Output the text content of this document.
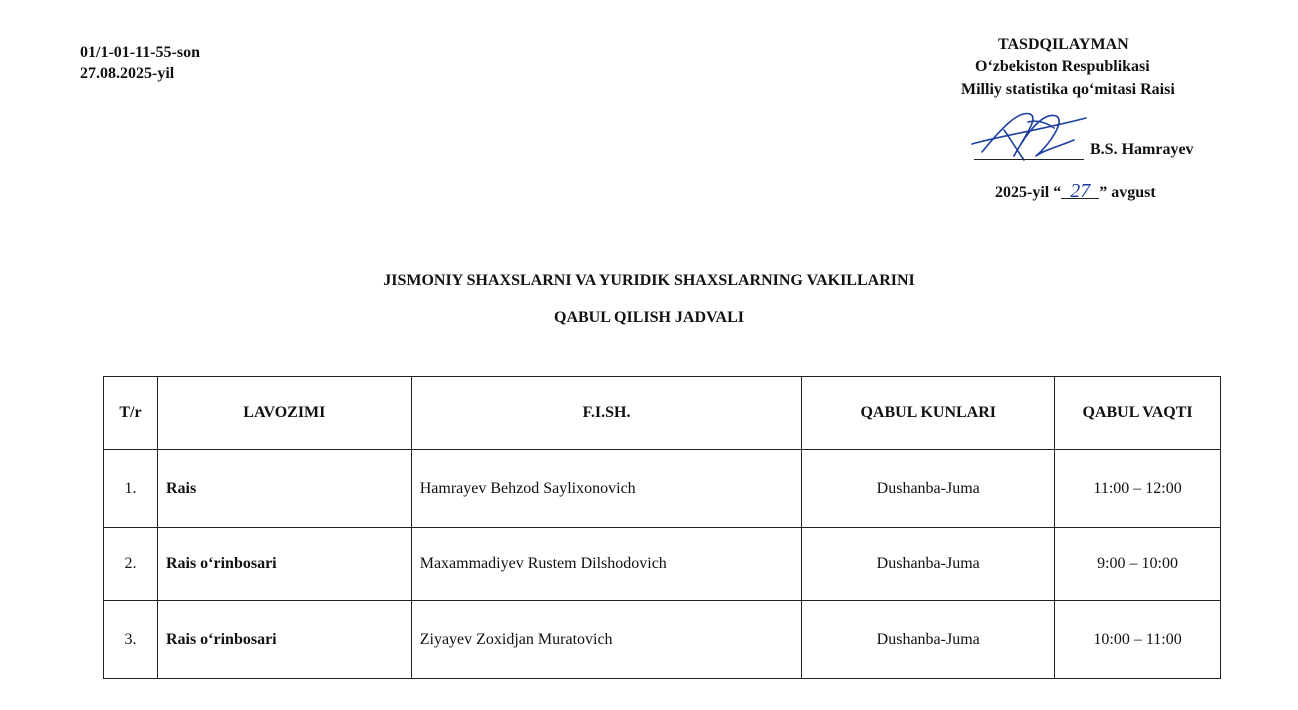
01/1-01-11-55-son
27.08.2025-yil
TASDQILAYMAN
O‘zbekiston Respublikasi
Milliy statistika qo‘mitasi Raisi
B.S. Hamrayev
2025-yil “ 27 ” avgust
JISMONIY SHAXSLARNI VA YURIDIK SHAXSLARNING VAKILLARINI
QABUL QILISH JADVALI
T/r	LAVOZIMI	F.I.SH.	QABUL KUNLARI	QABUL VAQTI
1.	Rais	Hamrayev Behzod Saylixonovich	Dushanba-Juma	11:00 – 12:00
2.	Rais o‘rinbosari	Maxammadiyev Rustem Dilshodovich	Dushanba-Juma	9:00 – 10:00
3.	Rais o‘rinbosari	Ziyayev Zoxidjan Muratovich	Dushanba-Juma	10:00 – 11:00
